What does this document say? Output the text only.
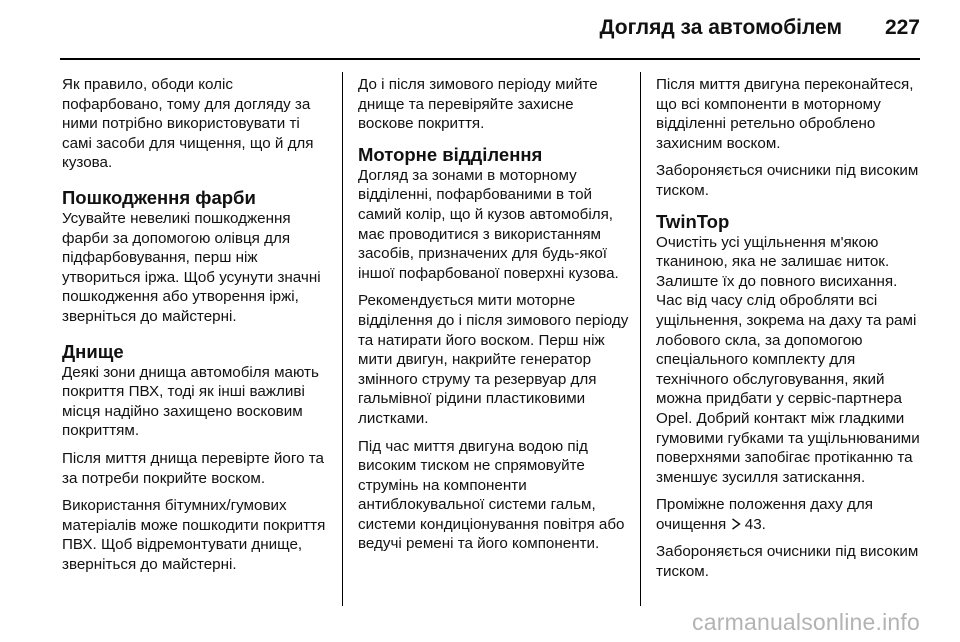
Догляд за автомобілем 227

Як правило, ободи коліс пофарбовано, тому для догляду за ними потрібно використовувати ті самі засоби для чищення, що й для кузова.

Пошкодження фарби

Усувайте невеликі пошкодження фарби за допомогою олівця для підфарбовування, перш ніж утвориться іржа. Щоб усунути значні пошкодження або утворення іржі, зверніться до майстерні.

Днище

Деякі зони днища автомобіля мають покриття ПВХ, тоді як інші важливі місця надійно захищено восковим покриттям.

Після миття днища перевірте його та за потреби покрийте воском.

Використання бітумних/гумових матеріалів може пошкодити покриття ПВХ. Щоб відремонтувати днище, зверніться до майстерні.

До і після зимового періоду мийте днище та перевіряйте захисне воскове покриття.

Моторне відділення

Догляд за зонами в моторному відділенні, пофарбованими в той самий колір, що й кузов автомобіля, має проводитися з використанням засобів, призначених для будь-якої іншої пофарбованої поверхні кузова.

Рекомендується мити моторне відділення до і після зимового періоду та натирати його воском. Перш ніж мити двигун, накрийте генератор змінного струму та резервуар для гальмівної рідини пластиковими листками.

Під час миття двигуна водою під високим тиском не спрямовуйте струмінь на компоненти антиблокувальної системи гальм, системи кондиціонування повітря або ведучі ремені та його компоненти.

Після миття двигуна переконайтеся, що всі компоненти в моторному відділенні ретельно оброблено захисним воском.

Забороняється очисники під високим тиском.

TwinTop

Очистіть усі ущільнення м'якою тканиною, яка не залишає ниток. Залиште їх до повного висихання. Час від часу слід обробляти всі ущільнення, зокрема на даху та рамі лобового скла, за допомогою спеціального комплекту для технічного обслуговування, який можна придбати у сервіс-партнера Opel. Добрий контакт між гладкими гумовими губками та ущільнюваними поверхнями запобігає протіканню та зменшує зусилля затискання.

Проміжне положення даху для очищення 43.

Забороняється очисники під високим тиском.

carmanualsonline.info
